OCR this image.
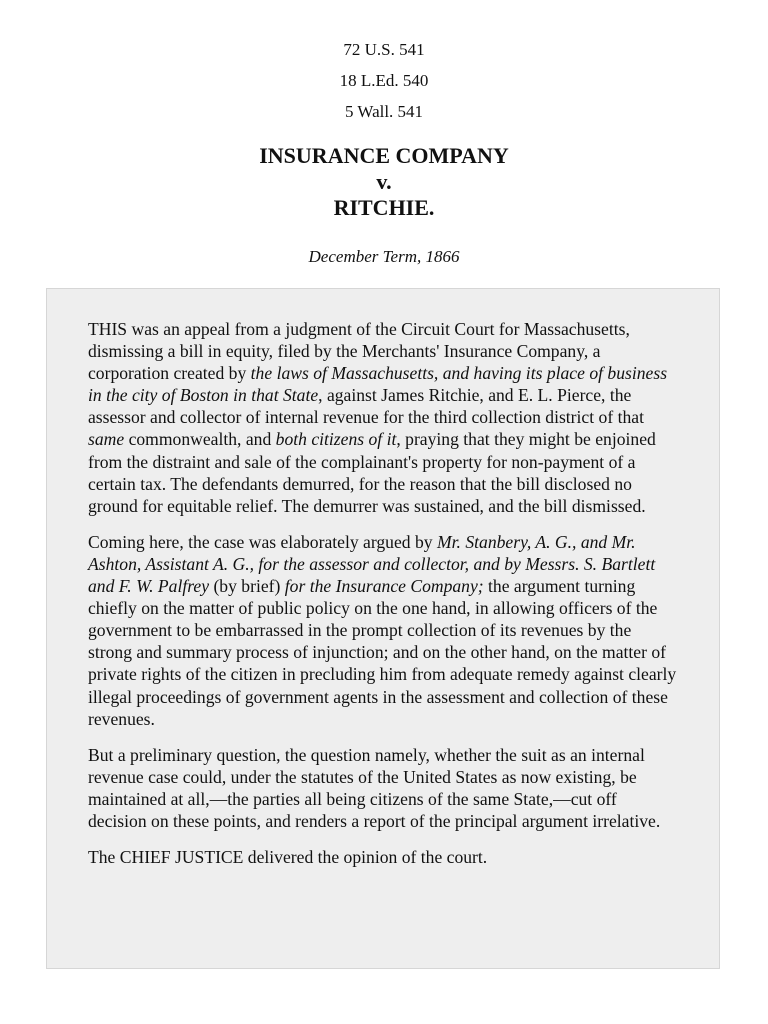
72 U.S. 541
18 L.Ed. 540
5 Wall. 541
INSURANCE COMPANY
v.
RITCHIE.
December Term, 1866

THIS was an appeal from a judgment of the Circuit Court for Massachusetts, dismissing a bill in equity, filed by the Merchants' Insurance Company, a corporation created by the laws of Massachusetts, and having its place of business in the city of Boston in that State, against James Ritchie, and E. L. Pierce, the assessor and collector of internal revenue for the third collection district of that same commonwealth, and both citizens of it, praying that they might be enjoined from the distraint and sale of the complainant's property for non-payment of a certain tax. The defendants demurred, for the reason that the bill disclosed no ground for equitable relief. The demurrer was sustained, and the bill dismissed.

Coming here, the case was elaborately argued by Mr. Stanbery, A. G., and Mr. Ashton, Assistant A. G., for the assessor and collector, and by Messrs. S. Bartlett and F. W. Palfrey (by brief) for the Insurance Company; the argument turning chiefly on the matter of public policy on the one hand, in allowing officers of the government to be embarrassed in the prompt collection of its revenues by the strong and summary process of injunction; and on the other hand, on the matter of private rights of the citizen in precluding him from adequate remedy against clearly illegal proceedings of government agents in the assessment and collection of these revenues.

But a preliminary question, the question namely, whether the suit as an internal revenue case could, under the statutes of the United States as now existing, be maintained at all,—the parties all being citizens of the same State,—cut off decision on these points, and renders a report of the principal argument irrelative.

The CHIEF JUSTICE delivered the opinion of the court.
